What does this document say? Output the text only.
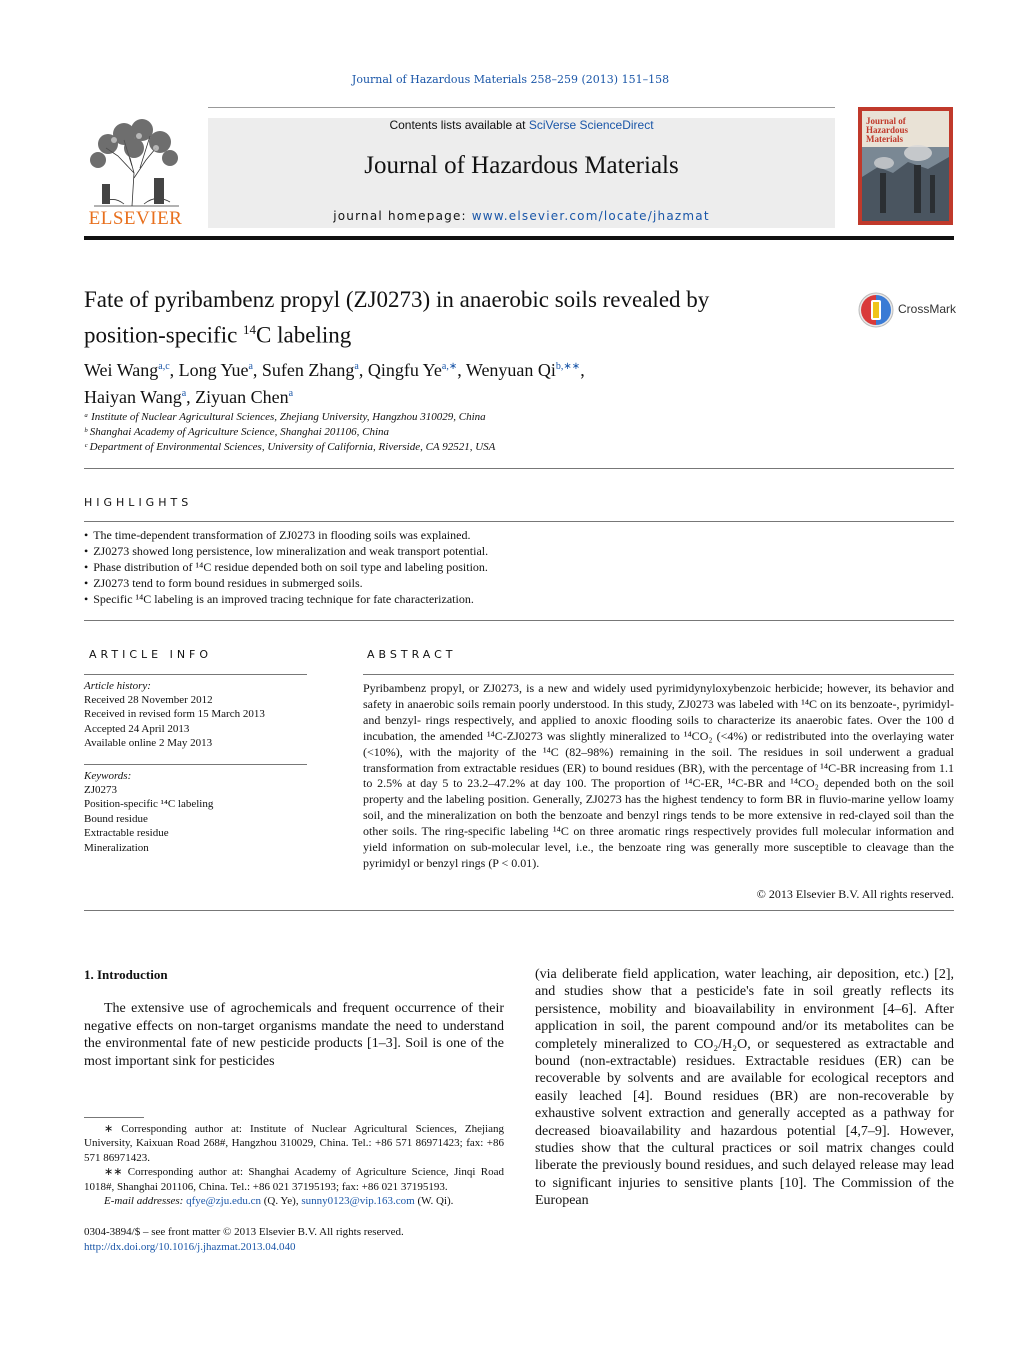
Journal of Hazardous Materials 258–259 (2013) 151–158
ELSEVIER
Contents lists available at SciVerse ScienceDirect
Journal of Hazardous Materials
journal homepage: www.elsevier.com/locate/jhazmat
Journal of
Hazardous
Materials
Fate of pyribambenz propyl (ZJ0273) in anaerobic soils revealed by
position-specific $^{14}$C labeling
CrossMark
Wei Wang$^{a,c}$, Long Yue$^a$, Sufen Zhang$^a$, Qingfu $Ye^{a,∗}$, Wenyuan $Qi^{b,∗∗}$,
Haiyan Wang$^a$, Ziyuan Chen$^a$
ᵃ Institute of Nuclear Agricultural Sciences, Zhejiang University, Hangzhou 310029, China
ᵇ Shanghai Academy of Agriculture Science, Shanghai 201106, China
ᶜ Department of Environmental Sciences, University of California, Riverside, CA 92521, USA
HIGHLIGHTS
• The time-dependent transformation of ZJ0273 in flooding soils was explained.
• ZJ0273 showed long persistence, low mineralization and weak transport potential.
• Phase distribution of ¹⁴C residue depended both on soil type and labeling position.
• ZJ0273 tend to form bound residues in submerged soils.
• Specific ¹⁴C labeling is an improved tracing technique for fate characterization.
ARTICLE INFO
Article history:
Received 28 November 2012
Received in revised form 15 March 2013
Accepted 24 April 2013
Available online 2 May 2013
Keywords:
ZJ0273
Position-specific ¹⁴C labeling
Bound residue
Extractable residue
Mineralization
ABSTRACT
Pyribambenz propyl, or ZJ0273, is a new and widely used pyrimidynyloxybenzoic herbicide; however, its behavior and safety in anaerobic soils remain poorly understood. In this study, ZJ0273 was labeled with ¹⁴C on its benzoate-, pyrimidyl- and benzyl- rings respectively, and applied to anoxic flooding soils to characterize its anaerobic fates. Over the 100 d incubation, the amended ¹⁴C-ZJ0273 was slightly mineralized to ¹⁴CO₂ (<4%) or redistributed into the overlaying water (<10%), with the majority of the ¹⁴C (82–98%) remaining in the soil. The residues in soil underwent a gradual transformation from extractable residues (ER) to bound residues (BR), with the percentage of ¹⁴C-BR increasing from 1.1 to 2.5% at day 5 to 23.2–47.2% at day 100. The proportion of ¹⁴C-ER, ¹⁴C-BR and ¹⁴CO₂ depended both on the soil property and the labeling position. Generally, ZJ0273 has the highest tendency to form BR in fluvio-marine yellow loamy soil, and the mineralization on both the benzoate and benzyl rings tends to be more extensive in red-clayed soil than the other soils. The ring-specific labeling ¹⁴C on three aromatic rings respectively provides full molecular information and yield information on sub-molecular level, i.e., the benzoate ring was generally more susceptible to cleavage than the pyrimidyl or benzyl rings (P < 0.01).
© 2013 Elsevier B.V. All rights reserved.
1. Introduction
The extensive use of agrochemicals and frequent occurrence of their negative effects on non-target organisms mandate the need to understand the environmental fate of new pesticide products [1–3]. Soil is one of the most important sink for pesticides
(via deliberate field application, water leaching, air deposition, etc.) [2], and studies show that a pesticide's fate in soil greatly reflects its persistence, mobility and bioavailability in environment [4–6]. After application in soil, the parent compound and/or its metabolites can be completely mineralized to CO₂/H₂O, or sequestered as extractable and bound (non-extractable) residues. Extractable residues (ER) can be recoverable by solvents and are available for ecological receptors and easily leached [4]. Bound residues (BR) are non-recoverable by exhaustive solvent extraction and generally accepted as a pathway for decreased bioavailability and hazardous potential [4,7–9]. However, studies show that the cultural practices or soil matrix changes could liberate the previously bound residues, and such delayed release may lead to significant injuries to sensitive plants [10]. The Commission of the European
∗ Corresponding author at: Institute of Nuclear Agricultural Sciences, Zhejiang University, Kaixuan Road 268#, Hangzhou 310029, China. Tel.: +86 571 86971423; fax: +86 571 86971423.
∗∗ Corresponding author at: Shanghai Academy of Agriculture Science, Jinqi Road 1018#, Shanghai 201106, China. Tel.: +86 021 37195193; fax: +86 021 37195193.
E-mail addresses: qfye@zju.edu.cn (Q. Ye), sunny0123@vip.163.com (W. Qi).
0304-3894/$ – see front matter © 2013 Elsevier B.V. All rights reserved.
http://dx.doi.org/10.1016/j.jhazmat.2013.04.040
